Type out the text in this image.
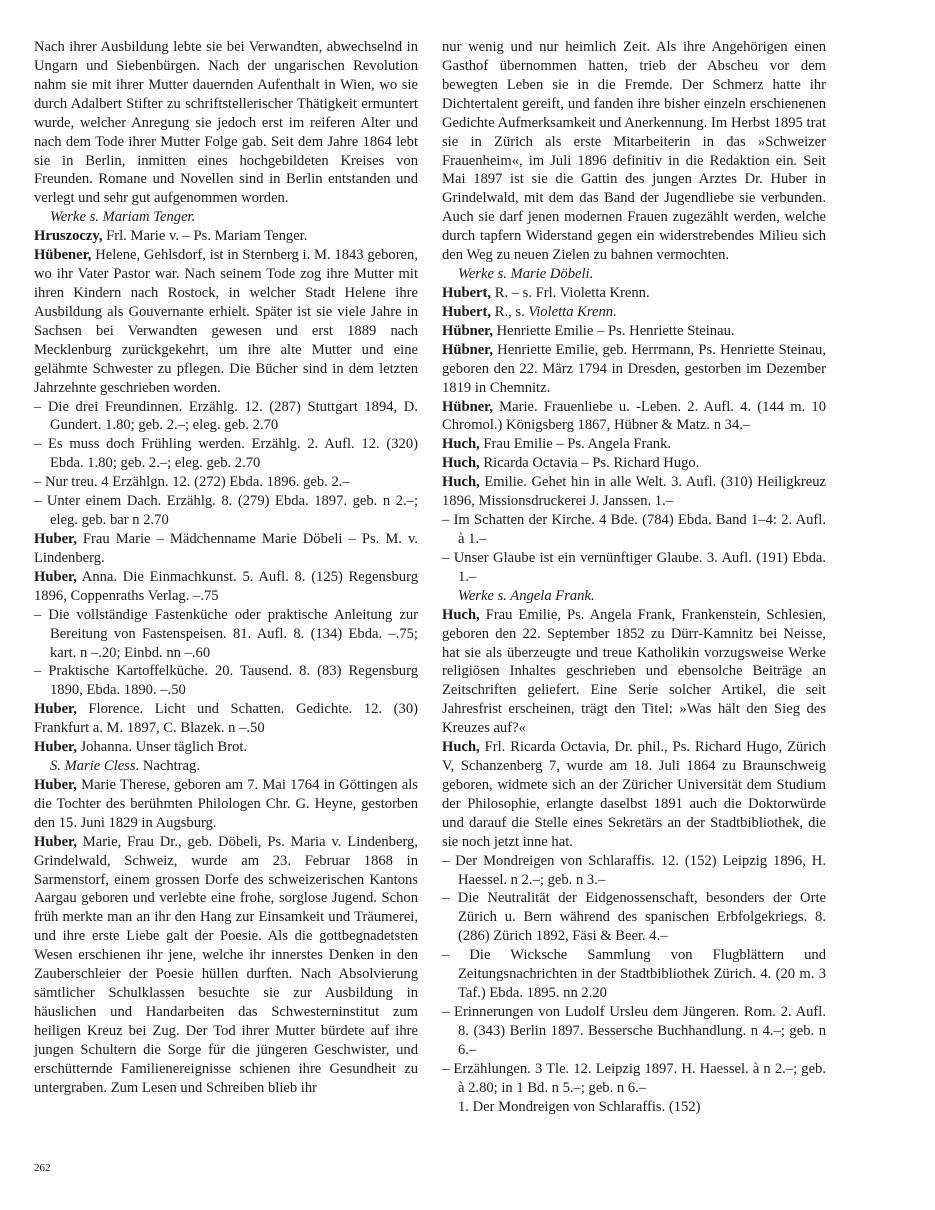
Nach ihrer Ausbildung lebte sie bei Verwandten, abwechselnd in Ungarn und Siebenbürgen. Nach der ungarischen Revolution nahm sie mit ihrer Mutter dauernden Aufenthalt in Wien, wo sie durch Adalbert Stifter zu schriftstellerischer Thätigkeit ermuntert wurde, welcher Anregung sie jedoch erst im reiferen Alter und nach dem Tode ihrer Mutter Folge gab. Seit dem Jahre 1864 lebt sie in Berlin, inmitten eines hochgebildeten Kreises von Freunden. Romane und Novellen sind in Berlin entstanden und verlegt und sehr gut aufgenommen worden.

Werke s. Mariam Tenger.

Hruszoczy, Frl. Marie v. – Ps. Mariam Tenger.

Hübener, Helene, Gehlsdorf, ist in Sternberg i. M. 1843 geboren, wo ihr Vater Pastor war. Nach seinem Tode zog ihre Mutter mit ihren Kindern nach Rostock, in welcher Stadt Helene ihre Ausbildung als Gouvernante erhielt. Später ist sie viele Jahre in Sachsen bei Verwandten gewesen und erst 1889 nach Mecklenburg zurückgekehrt, um ihre alte Mutter und eine gelähmte Schwester zu pflegen. Die Bücher sind in dem letzten Jahrzehnte geschrieben worden.

– Die drei Freundinnen. Erzählg. 12. (287) Stuttgart 1894, D. Gundert. 1.80; geb. 2.–; eleg. geb. 2.70

– Es muss doch Frühling werden. Erzählg. 2. Aufl. 12. (320) Ebda. 1.80; geb. 2.–; eleg. geb. 2.70

– Nur treu. 4 Erzählgn. 12. (272) Ebda. 1896. geb. 2.–

– Unter einem Dach. Erzählg. 8. (279) Ebda. 1897. geb. n 2.–; eleg. geb. bar n 2.70

Huber, Frau Marie – Mädchenname Marie Döbeli – Ps. M. v. Lindenberg.

Huber, Anna. Die Einmachkunst. 5. Aufl. 8. (125) Regensburg 1896, Coppenraths Verlag. –.75

– Die vollständige Fastenküche oder praktische Anleitung zur Bereitung von Fastenspeisen. 81. Aufl. 8. (134) Ebda. –.75; kart. n –.20; Einbd. nn –.60

– Praktische Kartoffelküche. 20. Tausend. 8. (83) Regensburg 1890, Ebda. 1890. –.50

Huber, Florence. Licht und Schatten. Gedichte. 12. (30) Frankfurt a. M. 1897, C. Blazek. n –.50

Huber, Johanna. Unser täglich Brot.

S. Marie Cless. Nachtrag.

Huber, Marie Therese, geboren am 7. Mai 1764 in Göttingen als die Tochter des berühmten Philologen Chr. G. Heyne, gestorben den 15. Juni 1829 in Augsburg.

Huber, Marie, Frau Dr., geb. Döbeli, Ps. Maria v. Lindenberg, Grindelwald, Schweiz, wurde am 23. Februar 1868 in Sarmenstorf, einem grossen Dorfe des schweizerischen Kantons Aargau geboren und verlebte eine frohe, sorglose Jugend. Schon früh merkte man an ihr den Hang zur Einsamkeit und Träumerei, und ihre erste Liebe galt der Poesie. Als die gottbegnadetsten Wesen erschienen ihr jene, welche ihr innerstes Denken in den Zauberschleier der Poesie hüllen durften. Nach Absolvierung sämtlicher Schulklassen besuchte sie zur Ausbildung in häuslichen und Handarbeiten das Schwesterninstitut zum heiligen Kreuz bei Zug. Der Tod ihrer Mutter bürdete auf ihre jungen Schultern die Sorge für die jüngeren Geschwister, und erschütternde Familienereignisse schienen ihre Gesundheit zu untergraben. Zum Lesen und Schreiben blieb ihr

nur wenig und nur heimlich Zeit. Als ihre Angehörigen einen Gasthof übernommen hatten, trieb der Abscheu vor dem bewegten Leben sie in die Fremde. Der Schmerz hatte ihr Dichtertalent gereift, und fanden ihre bisher einzeln erschienenen Gedichte Aufmerksamkeit und Anerkennung. Im Herbst 1895 trat sie in Zürich als erste Mitarbeiterin in das »Schweizer Frauenheim«, im Juli 1896 definitiv in die Redaktion ein. Seit Mai 1897 ist sie die Gattin des jungen Arztes Dr. Huber in Grindelwald, mit dem das Band der Jugendliebe sie verbunden. Auch sie darf jenen modernen Frauen zugezählt werden, welche durch tapfern Widerstand gegen ein widerstrebendes Milieu sich den Weg zu neuen Zielen zu bahnen vermochten.

Werke s. Marie Döbeli.

Hubert, R. – s. Frl. Violetta Krenn.

Hubert, R., s. Violetta Krenn.

Hübner, Henriette Emilie – Ps. Henriette Steinau.

Hübner, Henriette Emilie, geb. Herrmann, Ps. Henriette Steinau, geboren den 22. März 1794 in Dresden, gestorben im Dezember 1819 in Chemnitz.

Hübner, Marie. Frauenliebe u. -Leben. 2. Aufl. 4. (144 m. 10 Chromol.) Königsberg 1867, Hübner & Matz. n 34.–

Huch, Frau Emilie – Ps. Angela Frank.

Huch, Ricarda Octavia – Ps. Richard Hugo.

Huch, Emilie. Gehet hin in alle Welt. 3. Aufl. (310) Heiligkreuz 1896, Missionsdruckerei J. Janssen. 1.–

– Im Schatten der Kirche. 4 Bde. (784) Ebda. Band 1–4: 2. Aufl. à 1.–

– Unser Glaube ist ein vernünftiger Glaube. 3. Aufl. (191) Ebda. 1.–

Werke s. Angela Frank.

Huch, Frau Emilie, Ps. Angela Frank, Frankenstein, Schlesien, geboren den 22. September 1852 zu Dürr-Kamnitz bei Neisse, hat sie als überzeugte und treue Katholikin vorzugsweise Werke religiösen Inhaltes geschrieben und ebensolche Beiträge an Zeitschriften geliefert. Eine Serie solcher Artikel, die seit Jahresfrist erscheinen, trägt den Titel: »Was hält den Sieg des Kreuzes auf?«

Huch, Frl. Ricarda Octavia, Dr. phil., Ps. Richard Hugo, Zürich V, Schanzenberg 7, wurde am 18. Juli 1864 zu Braunschweig geboren, widmete sich an der Züricher Universität dem Studium der Philosophie, erlangte daselbst 1891 auch die Doktorwürde und darauf die Stelle eines Sekretärs an der Stadtbibliothek, die sie noch jetzt inne hat.

– Der Mondreigen von Schlaraffis. 12. (152) Leipzig 1896, H. Haessel. n 2.–; geb. n 3.–

– Die Neutralität der Eidgenossenschaft, besonders der Orte Zürich u. Bern während des spanischen Erbfolgekriegs. 8. (286) Zürich 1892, Fäsi & Beer. 4.–

– Die Wicksche Sammlung von Flugblättern und Zeitungsnachrichten in der Stadtbibliothek Zürich. 4. (20 m. 3 Taf.) Ebda. 1895. nn 2.20

– Erinnerungen von Ludolf Ursleu dem Jüngeren. Rom. 2. Aufl. 8. (343) Berlin 1897. Bessersche Buchhandlung. n 4.–; geb. n 6.–

– Erzählungen. 3 Tle. 12. Leipzig 1897. H. Haessel. à n 2.–; geb. à 2.80; in 1 Bd. n 5.–; geb. n 6.–

1. Der Mondreigen von Schlaraffis. (152)

262
